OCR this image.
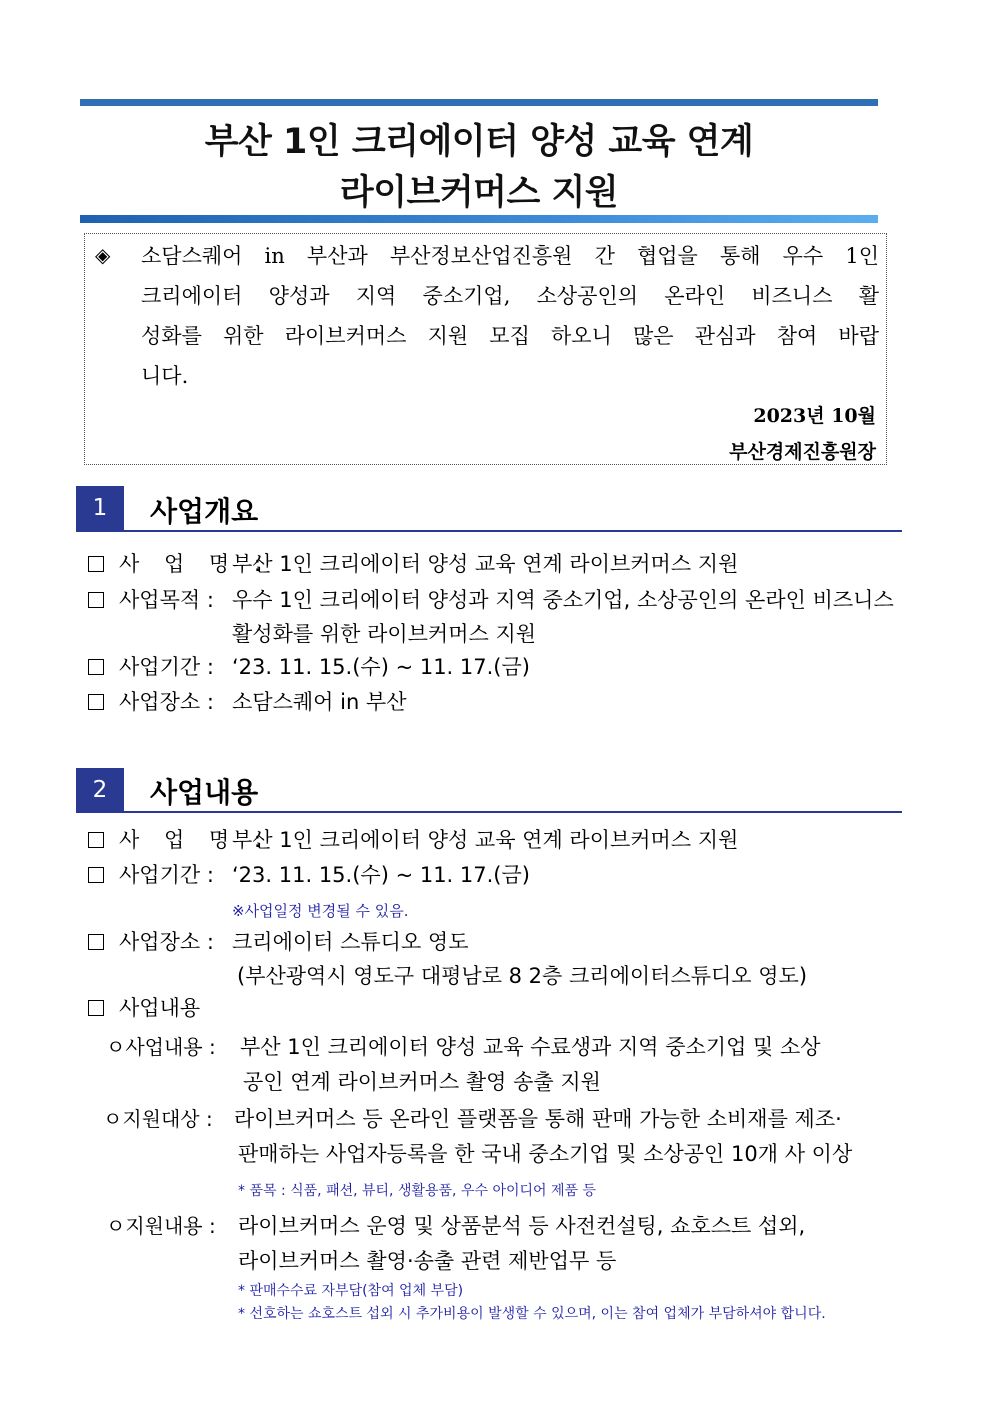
부산 1인 크리에이터 양성 교육 연계
라이브커머스 지원
◈ 소담스퀘어 in 부산과 부산정보산업진흥원 간 협업을 통해 우수 1인
크리에이터 양성과 지역 중소기업, 소상공인의 온라인 비즈니스 활
성화를 위한 라이브커머스 지원 모집 하오니 많은 관심과 참여 바랍
니다.
2023년 10월
부산경제진흥원장
1	사업개요
사 업 명 :
부산 1인 크리에이터 양성 교육 연계 라이브커머스 지원
사업목적 : 우수 1인 크리에이터 양성과 지역 중소기업, 소상공인의 온라인 비즈니스
활성화를 위한 라이브커머스 지원
사업기간 : ‘23. 11. 15.(수) ~ 11. 17.(금)
사업장소 : 소담스퀘어 in 부산
2	사업내용
사 업 명 :
부산 1인 크리에이터 양성 교육 연계 라이브커머스 지원
사업기간 : ‘23. 11. 15.(수) ~ 11. 17.(금)
※사업일정 변경될 수 있음.
사업장소 : 크리에이터 스튜디오 영도
(부산광역시 영도구 대평남로 8 2층 크리에이터스튜디오 영도)
사업내용
ㅇ사업내용 : 부산 1인 크리에이터 양성 교육 수료생과 지역 중소기업 및 소상
공인 연계 라이브커머스 촬영 송출 지원
ㅇ지원대상 : 라이브커머스 등 온라인 플랫폼을 통해 판매 가능한 소비재를 제조·
판매하는 사업자등록을 한 국내 중소기업 및 소상공인 10개 사 이상
* 품목 : 식품, 패션, 뷰티, 생활용품, 우수 아이디어 제품 등
ㅇ지원내용 : 라이브커머스 운영 및 상품분석 등 사전컨설팅, 쇼호스트 섭외,
라이브커머스 촬영·송출 관련 제반업무 등
* 판매수수료 자부담(참여 업체 부담)
* 선호하는 쇼호스트 섭외 시 추가비용이 발생할 수 있으며, 이는 참여 업체가 부담하셔야 합니다.
